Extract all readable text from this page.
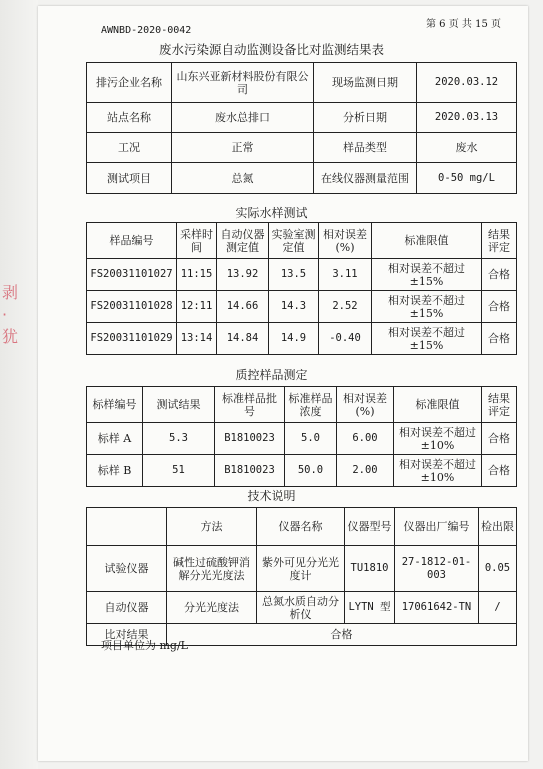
剥
·
犹
AWNBD-2020-0042
第 6 页 共 15 页
废水污染源自动监测设备比对监测结果表
排污企业名称	山东兴亚新材料股份有限公司	现场监测日期	2020.03.12
站点名称	废水总排口	分析日期	2020.03.13
工况	正常	样品类型	废水
测试项目	总氮	在线仪器测量范围	0-50 mg/L
实际水样测试
样品编号	采样时间	自动仪器测定值	实验室测定值	相对误差(%)	标准限值	结果评定
FS20031101027	11:15	13.92	13.5	3.11	相对误差不超过±15%	合格
FS20031101028	12:11	14.66	14.3	2.52	相对误差不超过±15%	合格
FS20031101029	13:14	14.84	14.9	-0.40	相对误差不超过±15%	合格
质控样品测定
标样编号	测试结果	标准样品批号	标准样品浓度	相对误差(%)	标准限值	结果评定
标样 A	5.3	B1810023	5.0	6.00	相对误差不超过±10%	合格
标样 B	51	B1810023	50.0	2.00	相对误差不超过±10%	合格
技术说明
	方法	仪器名称	仪器型号	仪器出厂编号	检出限
试验仪器	碱性过硫酸钾消解分光光度法	紫外可见分光光度计	TU1810	27-1812-01-003	0.05
自动仪器	分光光度法	总氮水质自动分析仪	LYTN 型	17061642-TN	/
比对结果	合格				
项目单位为 mg/L
